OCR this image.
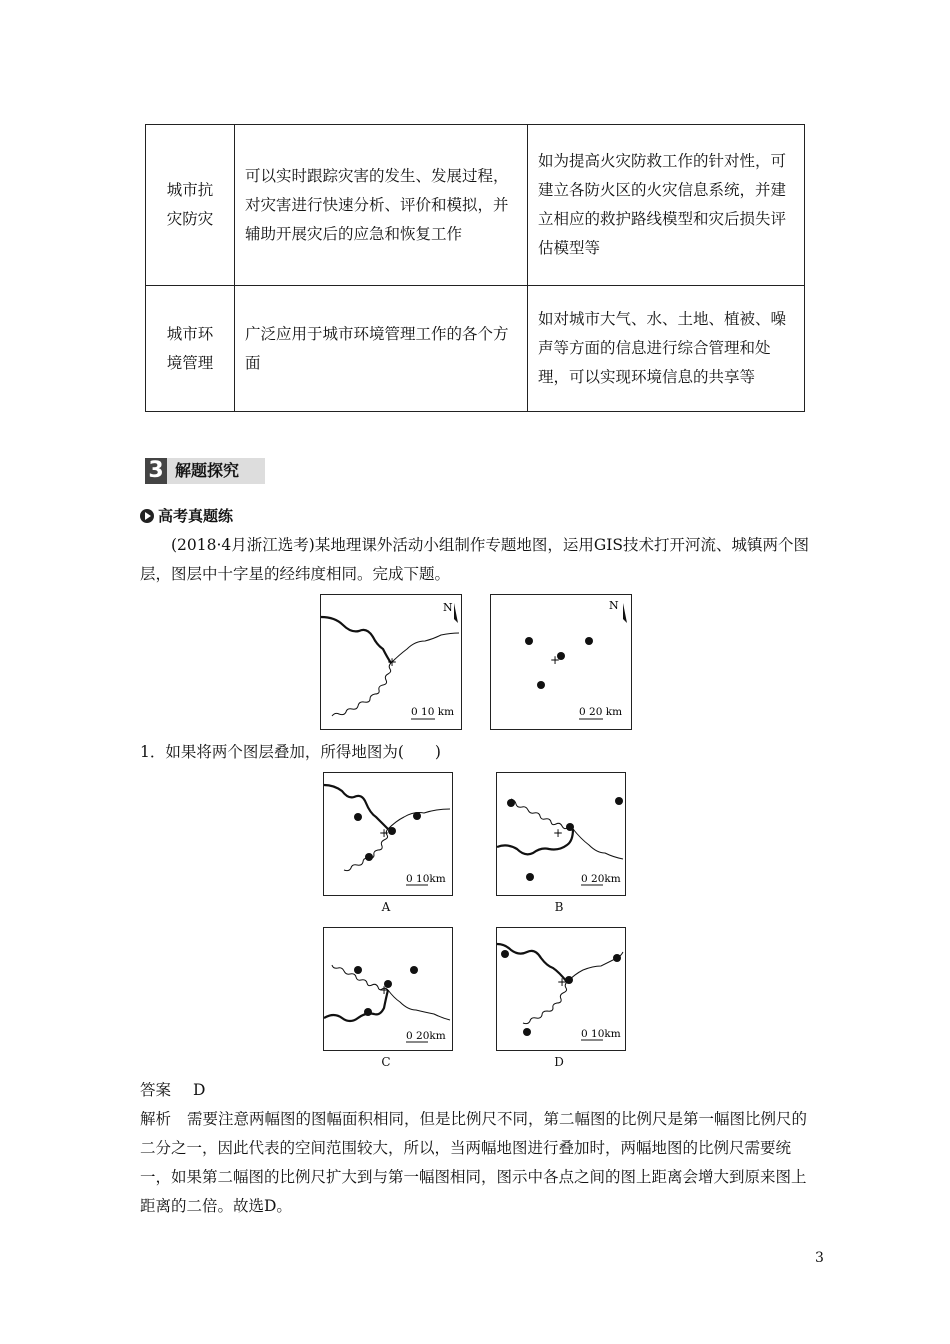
城市抗灾防灾	可以实时跟踪灾害的发生、发展过程，对灾害进行快速分析、评价和模拟，并辅助开展灾后的应急和恢复工作	如为提高火灾防救工作的针对性，可建立各防火区的火灾信息系统，并建立相应的救护路线模型和灾后损失评估模型等
城市环境管理	广泛应用于城市环境管理工作的各个方面	如对城市大气、水、土地、植被、噪声等方面的信息进行综合管理和处理，可以实现环境信息的共享等
3 解题探究
高考真题练
(2018·4月浙江选考)某地理课外活动小组制作专题地图，运用GIS技术打开河流、城镇两个图层，图层中十字星的经纬度相同。完成下题。
+
N
0 10 km
+
N
0 20 km
1．如果将两个图层叠加，所得地图为(　　)
+
0 10km
A
+
0 20km
B
+
0 20km
C
+
0 10km
D
答案 D
解析 需要注意两幅图的图幅面积相同，但是比例尺不同，第二幅图的比例尺是第一幅图比例尺的二分之一，因此代表的空间范围较大，所以，当两幅地图进行叠加时，两幅地图的比例尺需要统一，如果第二幅图的比例尺扩大到与第一幅图相同，图示中各点之间的图上距离会增大到原来图上距离的二倍。故选D。
3
